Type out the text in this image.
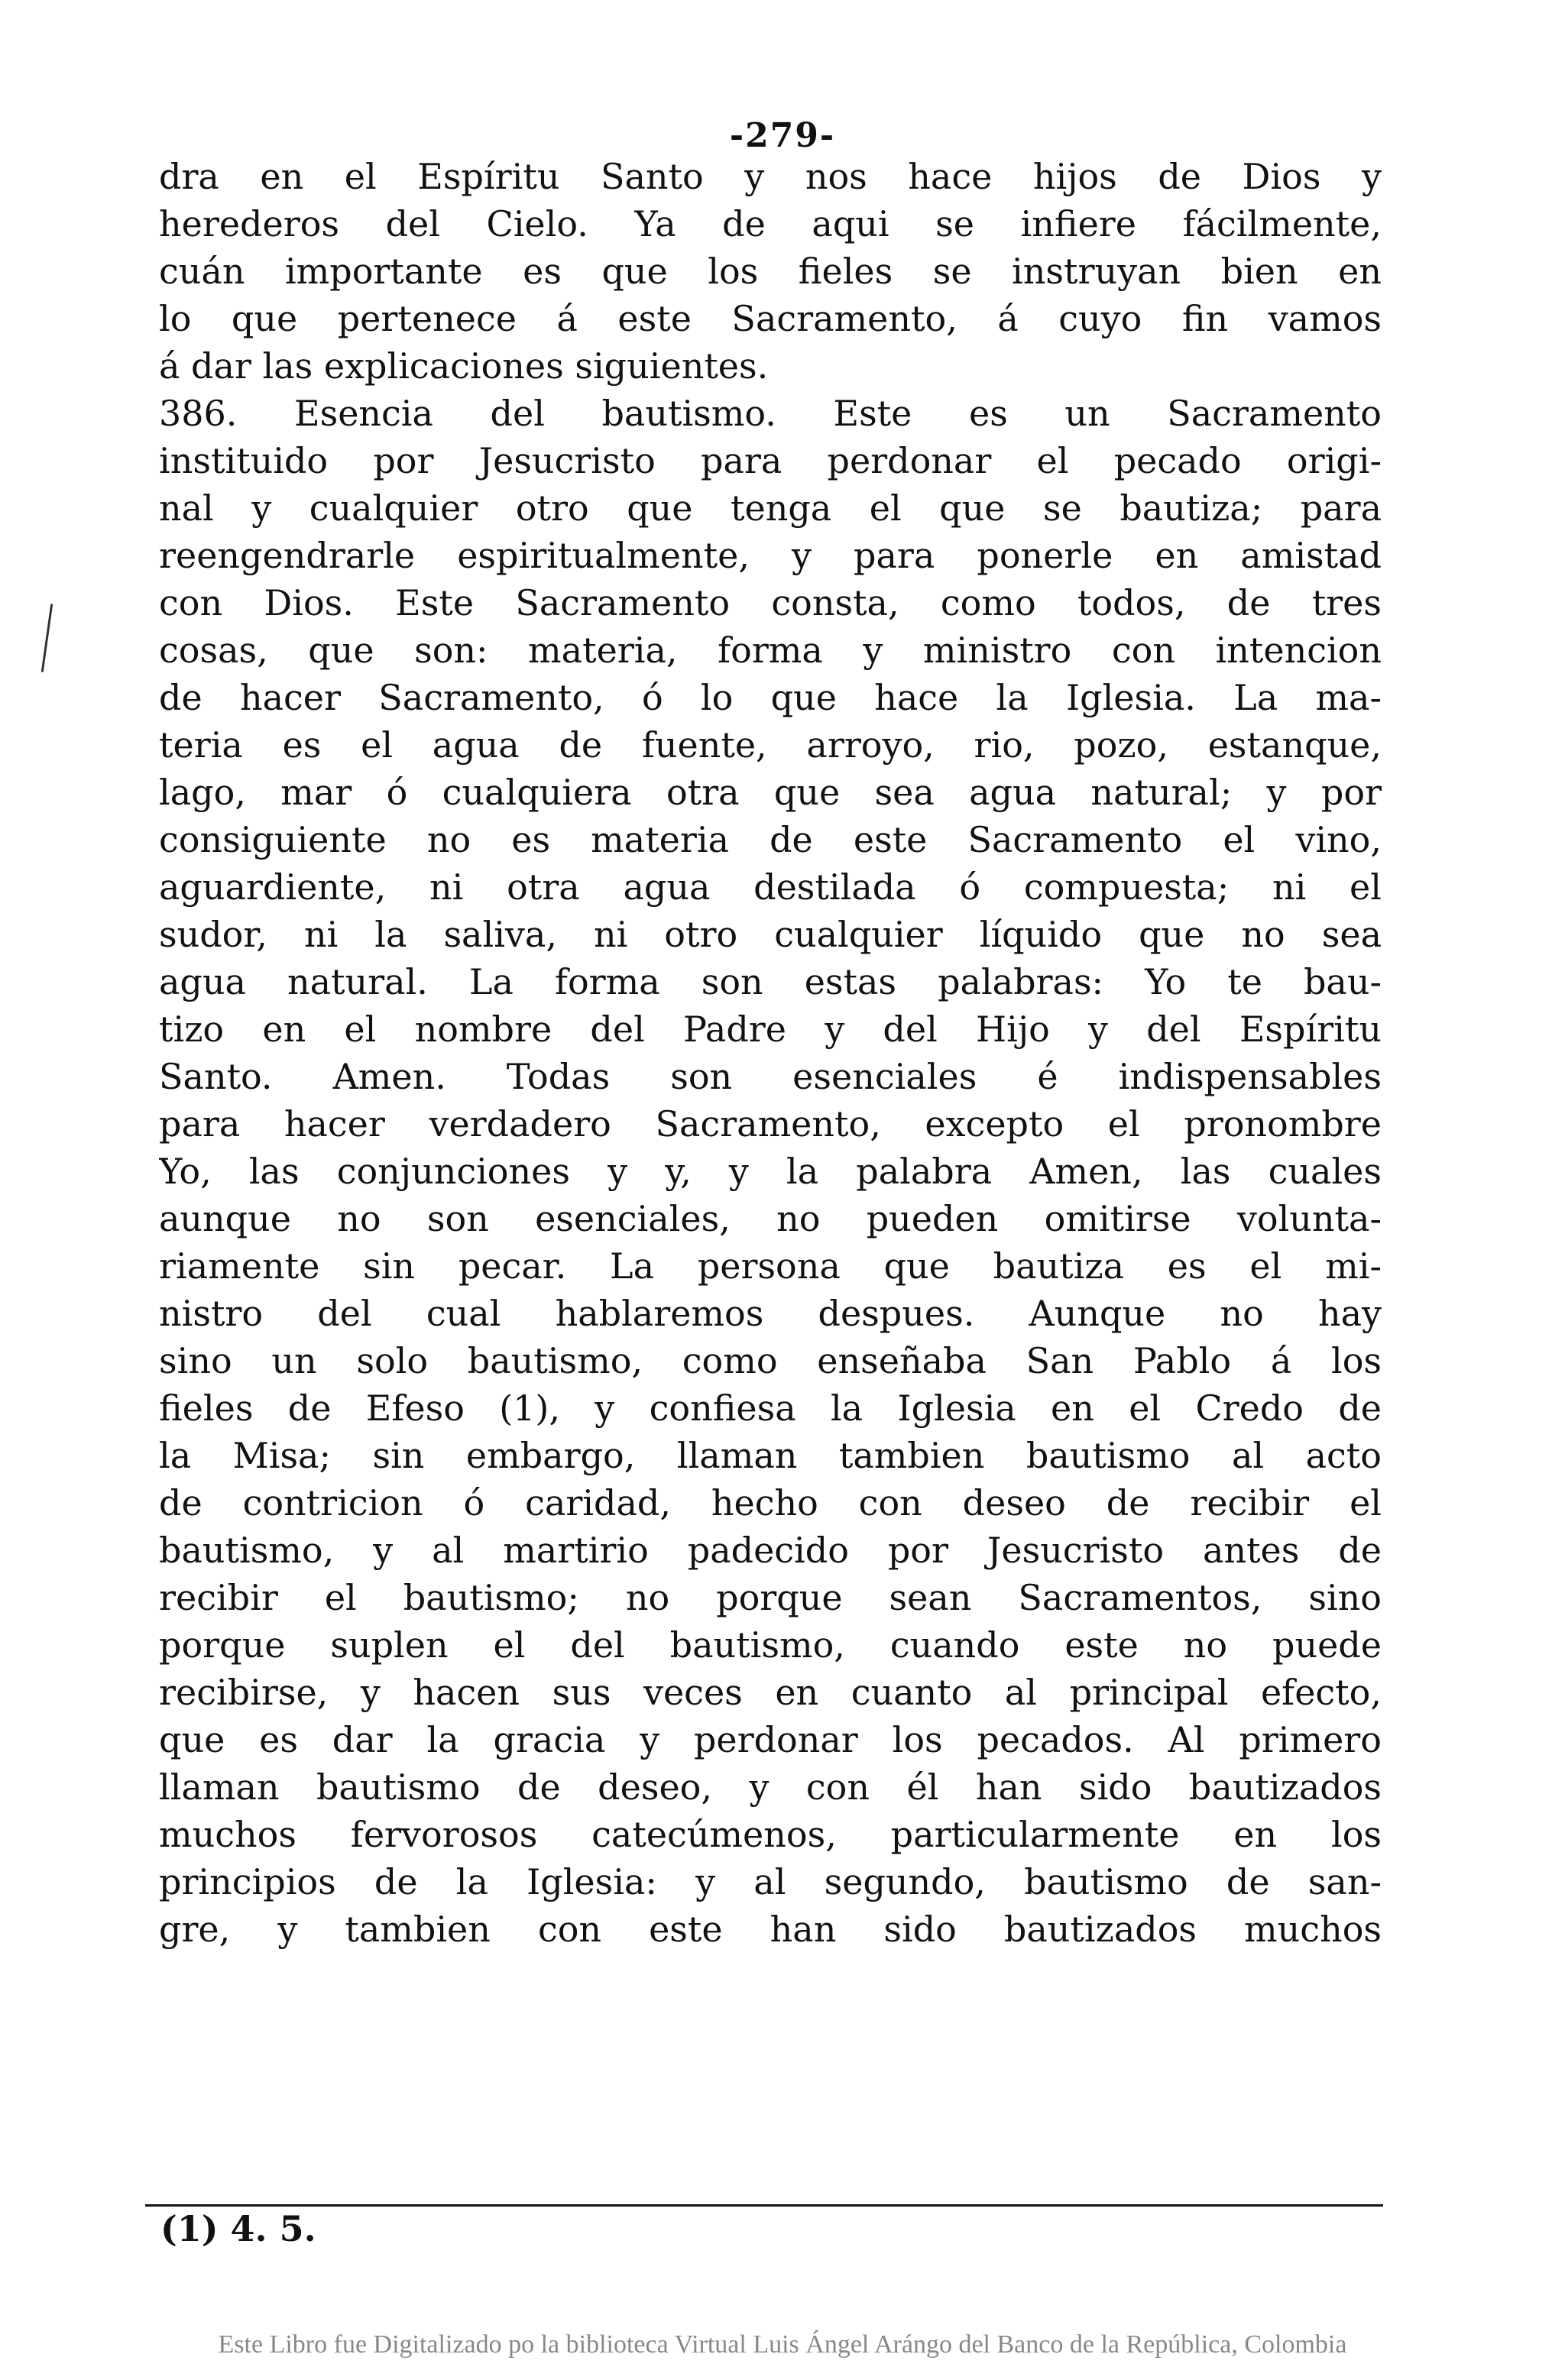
-279-
dra en el Espíritu Santo y nos hace hijos de Dios y
herederos del Cielo. Ya de aqui se infiere fácilmente,
cuán importante es que los fieles se instruyan bien en
lo que pertenece á este Sacramento, á cuyo fin vamos
á dar las explicaciones siguientes.
386. Esencia del bautismo. Este es un Sacramento
instituido por Jesucristo para perdonar el pecado origi-
nal y cualquier otro que tenga el que se bautiza; para
reengendrarle espiritualmente, y para ponerle en amistad
con Dios. Este Sacramento consta, como todos, de tres
cosas, que son: materia, forma y ministro con intencion
de hacer Sacramento, ó lo que hace la Iglesia. La ma-
teria es el agua de fuente, arroyo, rio, pozo, estanque,
lago, mar ó cualquiera otra que sea agua natural; y por
consiguiente no es materia de este Sacramento el vino,
aguardiente, ni otra agua destilada ó compuesta; ni el
sudor, ni la saliva, ni otro cualquier líquido que no sea
agua natural. La forma son estas palabras: Yo te bau-
tizo en el nombre del Padre y del Hijo y del Espíritu
Santo. Amen. Todas son esenciales é indispensables
para hacer verdadero Sacramento, excepto el pronombre
Yo, las conjunciones y y, y la palabra Amen, las cuales
aunque no son esenciales, no pueden omitirse volunta-
riamente sin pecar. La persona que bautiza es el mi-
nistro del cual hablaremos despues. Aunque no hay
sino un solo bautismo, como enseñaba San Pablo á los
fieles de Efeso (1), y confiesa la Iglesia en el Credo de
la Misa; sin embargo, llaman tambien bautismo al acto
de contricion ó caridad, hecho con deseo de recibir el
bautismo, y al martirio padecido por Jesucristo antes de
recibir el bautismo; no porque sean Sacramentos, sino
porque suplen el del bautismo, cuando este no puede
recibirse, y hacen sus veces en cuanto al principal efecto,
que es dar la gracia y perdonar los pecados. Al primero
llaman bautismo de deseo, y con él han sido bautizados
muchos fervorosos catecúmenos, particularmente en los
principios de la Iglesia: y al segundo, bautismo de san-
gre, y tambien con este han sido bautizados muchos
(1) 4. 5.
Este Libro fue Digitalizado po la biblioteca Virtual Luis Ángel Arángo del Banco de la República, Colombia
